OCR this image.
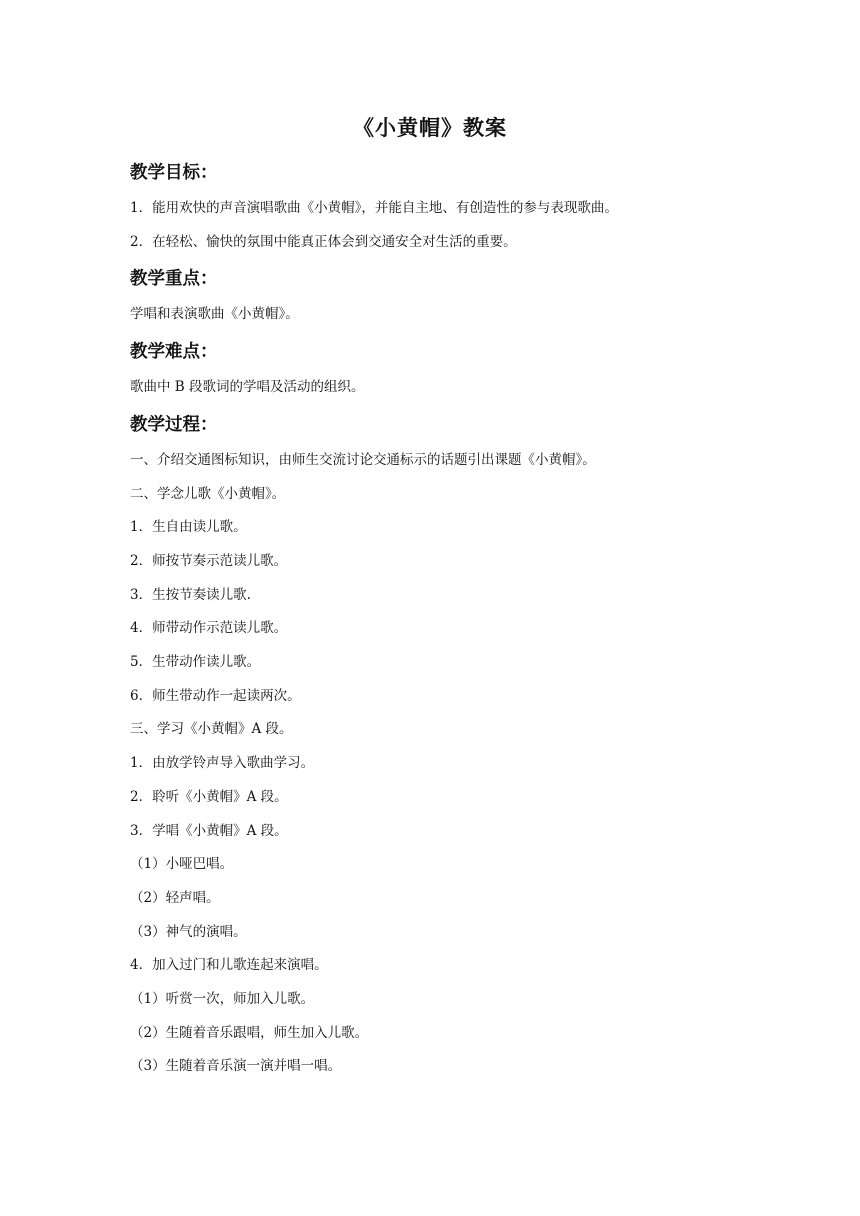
《小黄帽》教案

教学目标：

1．能用欢快的声音演唱歌曲《小黄帽》，并能自主地、有创造性的参与表现歌曲。

2．在轻松、愉快的氛围中能真正体会到交通安全对生活的重要。

教学重点：

学唱和表演歌曲《小黄帽》。

教学难点：

歌曲中 B 段歌词的学唱及活动的组织。

教学过程：

一、介绍交通图标知识，由师生交流讨论交通标示的话题引出课题《小黄帽》。

二、学念儿歌《小黄帽》。

1．生自由读儿歌。

2．师按节奏示范读儿歌。

3．生按节奏读儿歌.

4．师带动作示范读儿歌。

5．生带动作读儿歌。

6．师生带动作一起读两次。

三、学习《小黄帽》A 段。

1．由放学铃声导入歌曲学习。

2．聆听《小黄帽》A 段。

3．学唱《小黄帽》A 段。

（1）小哑巴唱。

（2）轻声唱。

（3）神气的演唱。

4．加入过门和儿歌连起来演唱。

（1）听赏一次，师加入儿歌。

（2）生随着音乐跟唱，师生加入儿歌。

（3）生随着音乐演一演并唱一唱。
